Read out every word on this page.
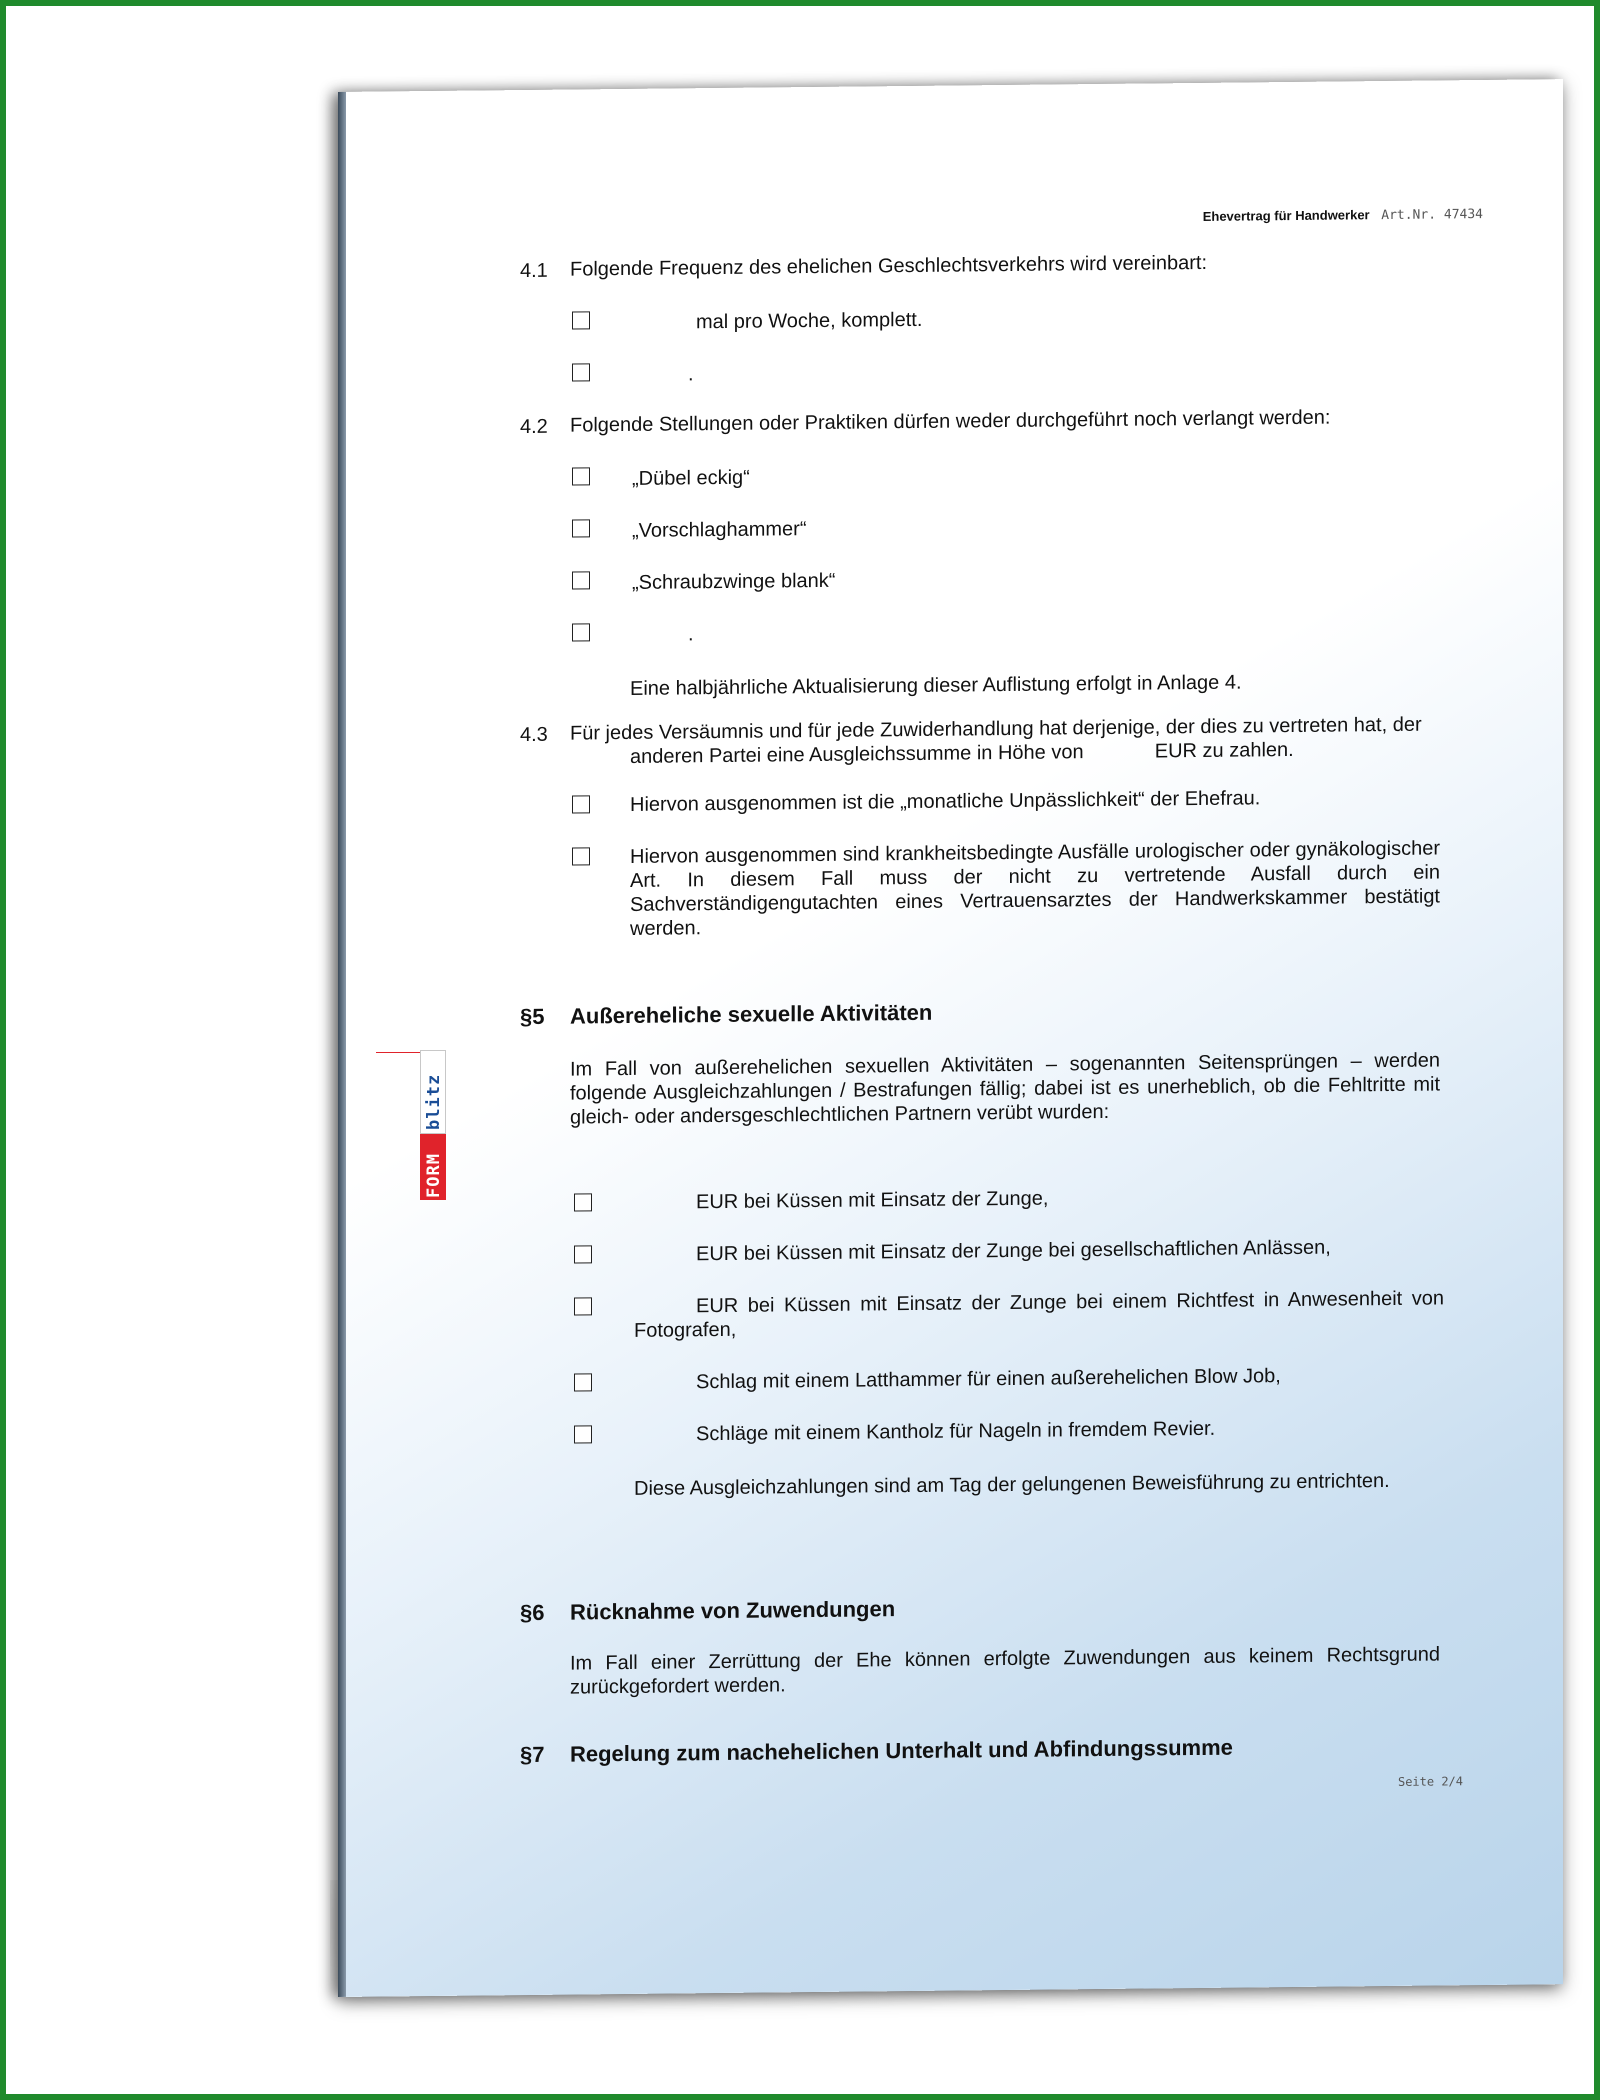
Ehevertrag für Handwerker Art.Nr. 47434
4.1 Folgende Frequenz des ehelichen Geschlechtsverkehrs wird vereinbart:
mal pro Woche, komplett.
.
4.2 Folgende Stellungen oder Praktiken dürfen weder durchgeführt noch verlangt werden:
„Dübel eckig“
„Vorschlaghammer“
„Schraubzwinge blank“
.
Eine halbjährliche Aktualisierung dieser Auflistung erfolgt in Anlage 4.
4.3 Für jedes Versäumnis und für jede Zuwiderhandlung hat derjenige, der dies zu vertreten hat, der
anderen Partei eine Ausgleichssumme in Höhe von	EUR zu zahlen.
Hiervon ausgenommen ist die „monatliche Unpässlichkeit“ der Ehefrau.
Hiervon ausgenommen sind krankheitsbedingte Ausfälle urologischer oder gynäkologischer Art. In diesem Fall muss der nicht zu vertretende Ausfall durch ein Sachverständigengutachten eines Vertrauensarztes der Handwerkskammer bestätigt werden.
§5 Außereheliche sexuelle Aktivitäten
Im Fall von außerehelichen sexuellen Aktivitäten – sogenannten Seitensprüngen – werden folgende Ausgleichzahlungen / Bestrafungen fällig; dabei ist es unerheblich, ob die Fehltritte mit gleich- oder andersgeschlechtlichen Partnern verübt wurden:
EUR bei Küssen mit Einsatz der Zunge,
EUR bei Küssen mit Einsatz der Zunge bei gesellschaftlichen Anlässen,
EUR bei Küssen mit Einsatz der Zunge bei einem Richtfest in Anwesenheit von Fotografen,
Schlag mit einem Latthammer für einen außerehelichen Blow Job,
Schläge mit einem Kantholz für Nageln in fremdem Revier.
Diese Ausgleichzahlungen sind am Tag der gelungenen Beweisführung zu entrichten.
§6 Rücknahme von Zuwendungen
Im Fall einer Zerrüttung der Ehe können erfolgte Zuwendungen aus keinem Rechtsgrund zurückgefordert werden.
§7 Regelung zum nachehelichen Unterhalt und Abfindungssumme
Seite 2/4
FORM
blitz
